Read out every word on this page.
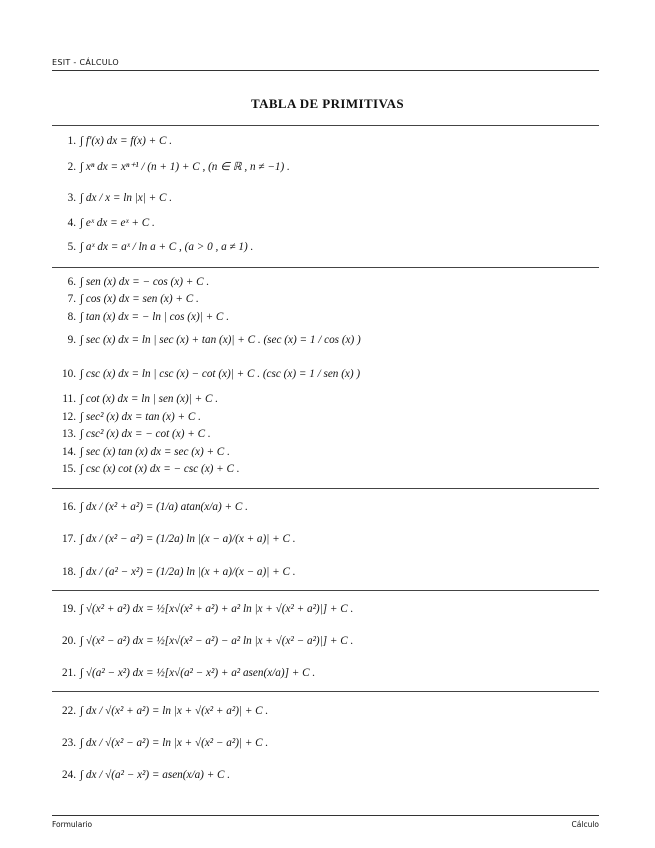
ESIT - CÁLCULO
TABLA DE PRIMITIVAS
1. ∫ f′(x) dx = f(x) + C .
2. ∫ xⁿ dx = xⁿ⁺¹ / (n + 1) + C , (n ∈ ℝ , n ≠ −1) .
3. ∫ dx / x = ln |x| + C .
4. ∫ eˣ dx = eˣ + C .
5. ∫ aˣ dx = aˣ / ln a + C , (a > 0 , a ≠ 1) .
6. ∫ sen (x) dx = − cos (x) + C .
7. ∫ cos (x) dx = sen (x) + C .
8. ∫ tan (x) dx = − ln | cos (x)| + C .
9. ∫ sec (x) dx = ln | sec (x) + tan (x)| + C . (sec (x) = 1 / cos (x) )
10. ∫ csc (x) dx = ln | csc (x) − cot (x)| + C . (csc (x) = 1 / sen (x) )
11. ∫ cot (x) dx = ln | sen (x)| + C .
12. ∫ sec² (x) dx = tan (x) + C .
13. ∫ csc² (x) dx = − cot (x) + C .
14. ∫ sec (x) tan (x) dx = sec (x) + C .
15. ∫ csc (x) cot (x) dx = − csc (x) + C .
16. ∫ dx / (x² + a²) = (1/a) atan(x/a) + C .
17. ∫ dx / (x² − a²) = (1/2a) ln |(x − a)/(x + a)| + C .
18. ∫ dx / (a² − x²) = (1/2a) ln |(x + a)/(x − a)| + C .
19. ∫ √(x² + a²) dx = ½[x√(x² + a²) + a² ln |x + √(x² + a²)|] + C .
20. ∫ √(x² − a²) dx = ½[x√(x² − a²) − a² ln |x + √(x² − a²)|] + C .
21. ∫ √(a² − x²) dx = ½[x√(a² − x²) + a² asen(x/a)] + C .
22. ∫ dx / √(x² + a²) = ln |x + √(x² + a²)| + C .
23. ∫ dx / √(x² − a²) = ln |x + √(x² − a²)| + C .
24. ∫ dx / √(a² − x²) = asen(x/a) + C .
Formulario	Cálculo
